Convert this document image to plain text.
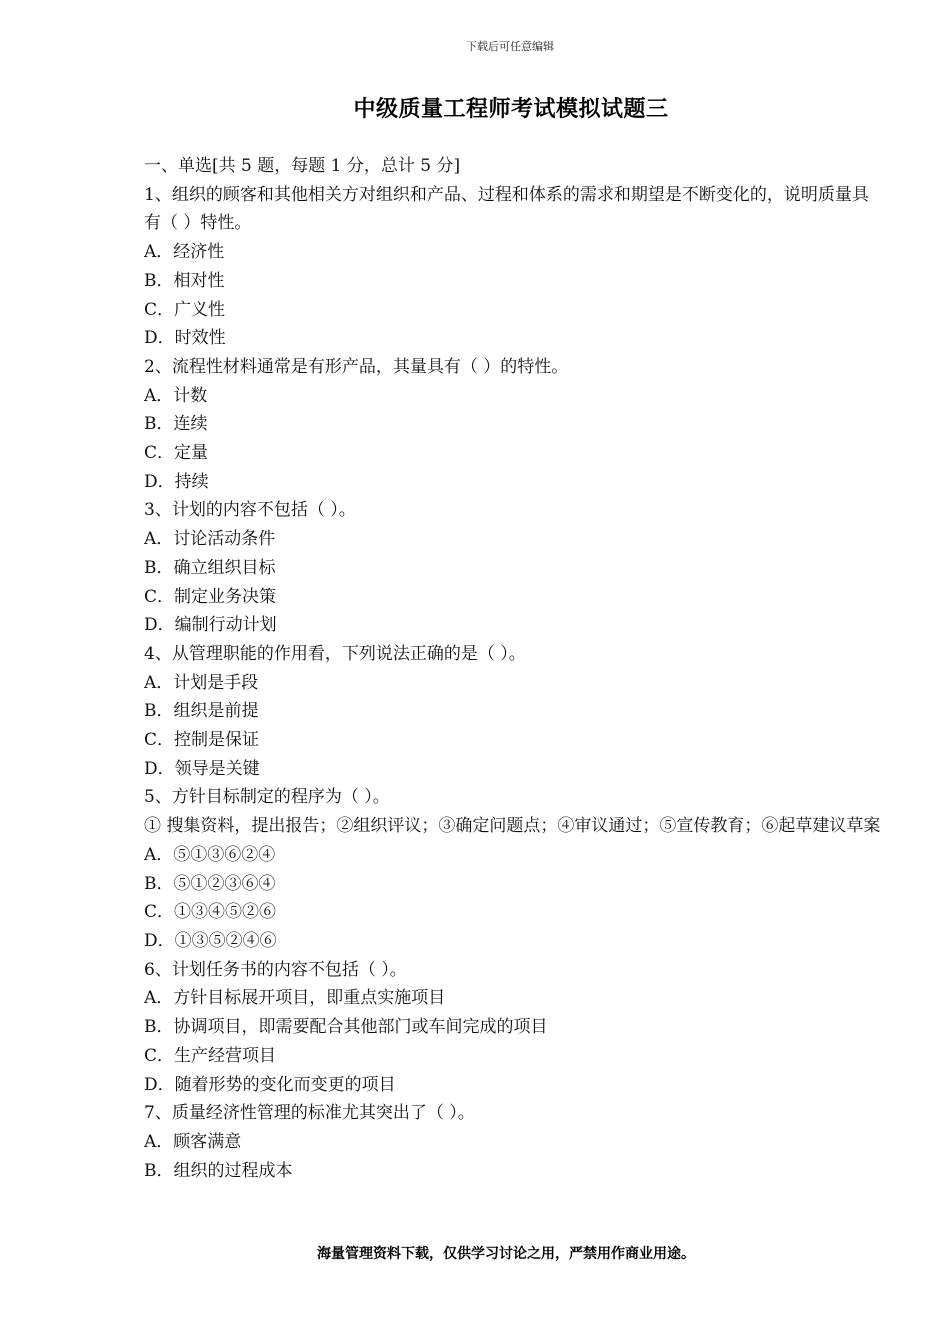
下载后可任意编辑
中级质量工程师考试模拟试题三
一、单选[共 5 题，每题 1 分，总计 5 分]
1、组织的顾客和其他相关方对组织和产品、过程和体系的需求和期望是不断变化的，说明质量具有（ ）特性。
A．经济性
B．相对性
C．广义性
D．时效性
2、流程性材料通常是有形产品，其量具有（ ）的特性。
A．计数
B．连续
C．定量
D．持续
3、计划的内容不包括（ ）。
A．讨论活动条件
B．确立组织目标
C．制定业务决策
D．编制行动计划
4、从管理职能的作用看，下列说法正确的是（ ）。
A．计划是手段
B．组织是前提
C．控制是保证
D．领导是关键
5、方针目标制定的程序为（ ）。
① 搜集资料，提出报告；②组织评议；③确定问题点；④审议通过；⑤宣传教育；⑥起草建议草案
A．⑤①③⑥②④
B．⑤①②③⑥④
C．①③④⑤②⑥
D．①③⑤②④⑥
6、计划任务书的内容不包括（ ）。
A．方针目标展开项目，即重点实施项目
B．协调项目，即需要配合其他部门或车间完成的项目
C．生产经营项目
D．随着形势的变化而变更的项目
7、质量经济性管理的标准尤其突出了（ ）。
A．顾客满意
B．组织的过程成本
海量管理资料下载，仅供学习讨论之用，严禁用作商业用途。
